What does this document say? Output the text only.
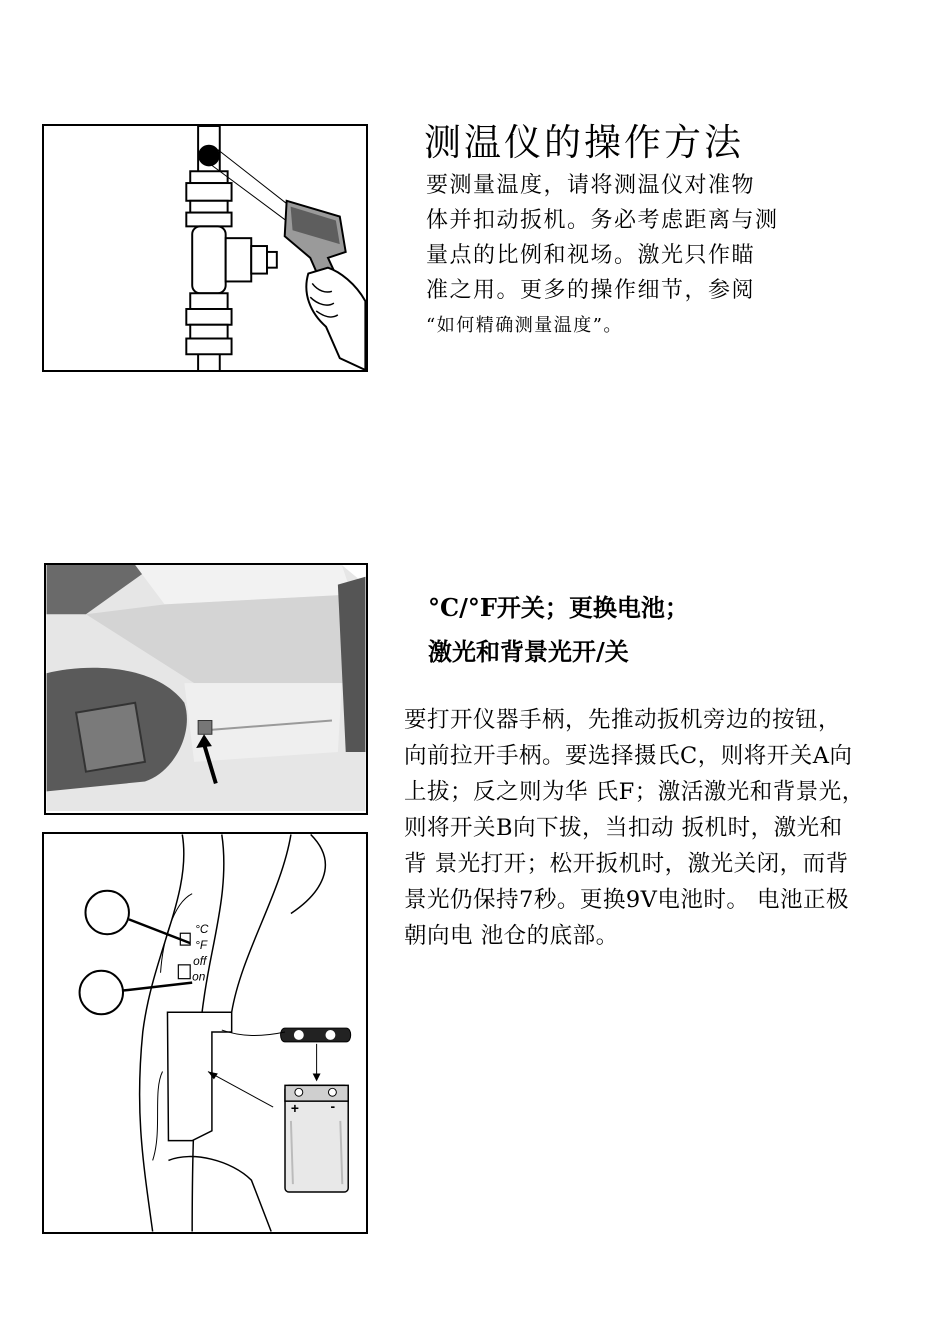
测温仪的操作方法
要测量温度，请将测温仪对准物
体并扣动扳机。务必考虑距离与测
量点的比例和视场。激光只作瞄
准之用。更多的操作细节，参阅
“如何精确测量温度”。
°C
°F
off
on
+ -
°C/°F开关；更换电池；
激光和背景光开/关
要打开仪器手柄，先推动扳机旁边的按钮，
向前拉开手柄。要选择摄氏C，则将开关A向
上拔；反之则为华 氏F；激活激光和背景光，
则将开关B向下拔，当扣动 扳机时，激光和
背 景光打开；松开扳机时，激光关闭，而背
景光仍保持7秒。更换9V电池时。 电池正极
朝向电 池仓的底部。
